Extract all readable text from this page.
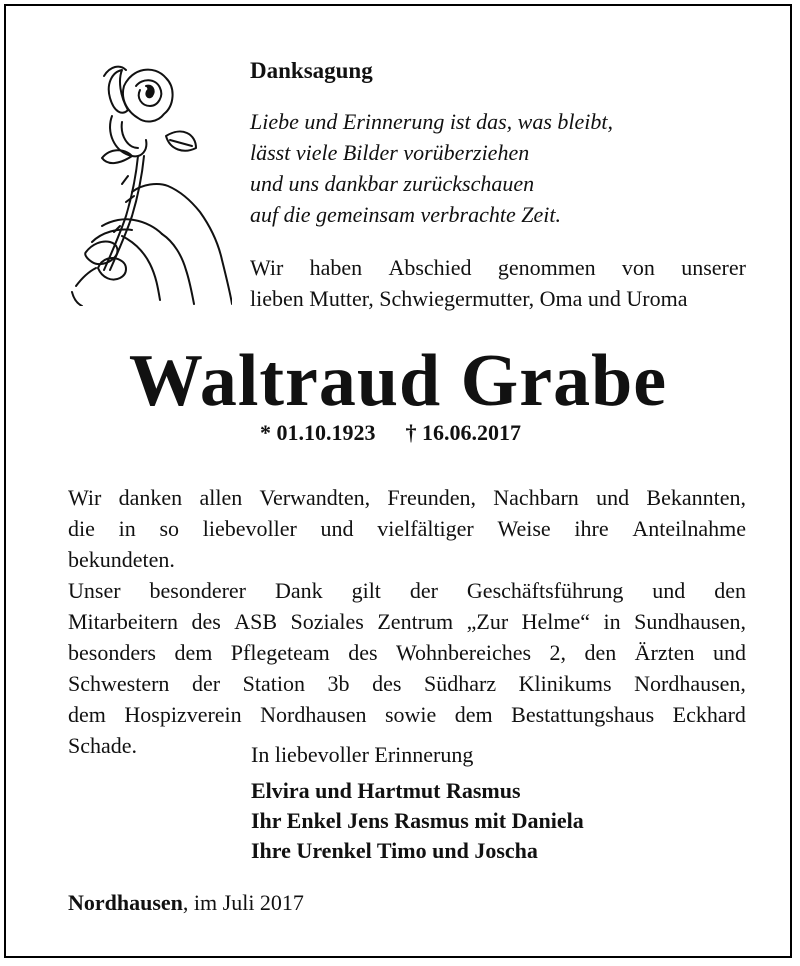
Danksagung
Liebe und Erinnerung ist das, was bleibt,
lässt viele Bilder vorüberziehen
und uns dankbar zurückschauen
auf die gemeinsam verbrachte Zeit.
Wir haben Abschied genommen von unserer
lieben Mutter, Schwiegermutter, Oma und Uroma
Waltraud Grabe
* 01.10.1923 † 16.06.2017
Wir danken allen Verwandten, Freunden, Nachbarn und Bekannten,
die in so liebevoller und vielfältiger Weise ihre Anteilnahme
bekundeten.
Unser besonderer Dank gilt der Geschäftsführung und den
Mitarbeitern des ASB Soziales Zentrum „Zur Helme“ in Sundhausen,
besonders dem Pflegeteam des Wohnbereiches 2, den Ärzten und
Schwestern der Station 3b des Südharz Klinikums Nordhausen,
dem Hospizverein Nordhausen sowie dem Bestattungshaus Eckhard
Schade.	In liebevoller Erinnerung
Elvira und Hartmut Rasmus
Ihr Enkel Jens Rasmus mit Daniela
Ihre Urenkel Timo und Joscha
Nordhausen, im Juli 2017
